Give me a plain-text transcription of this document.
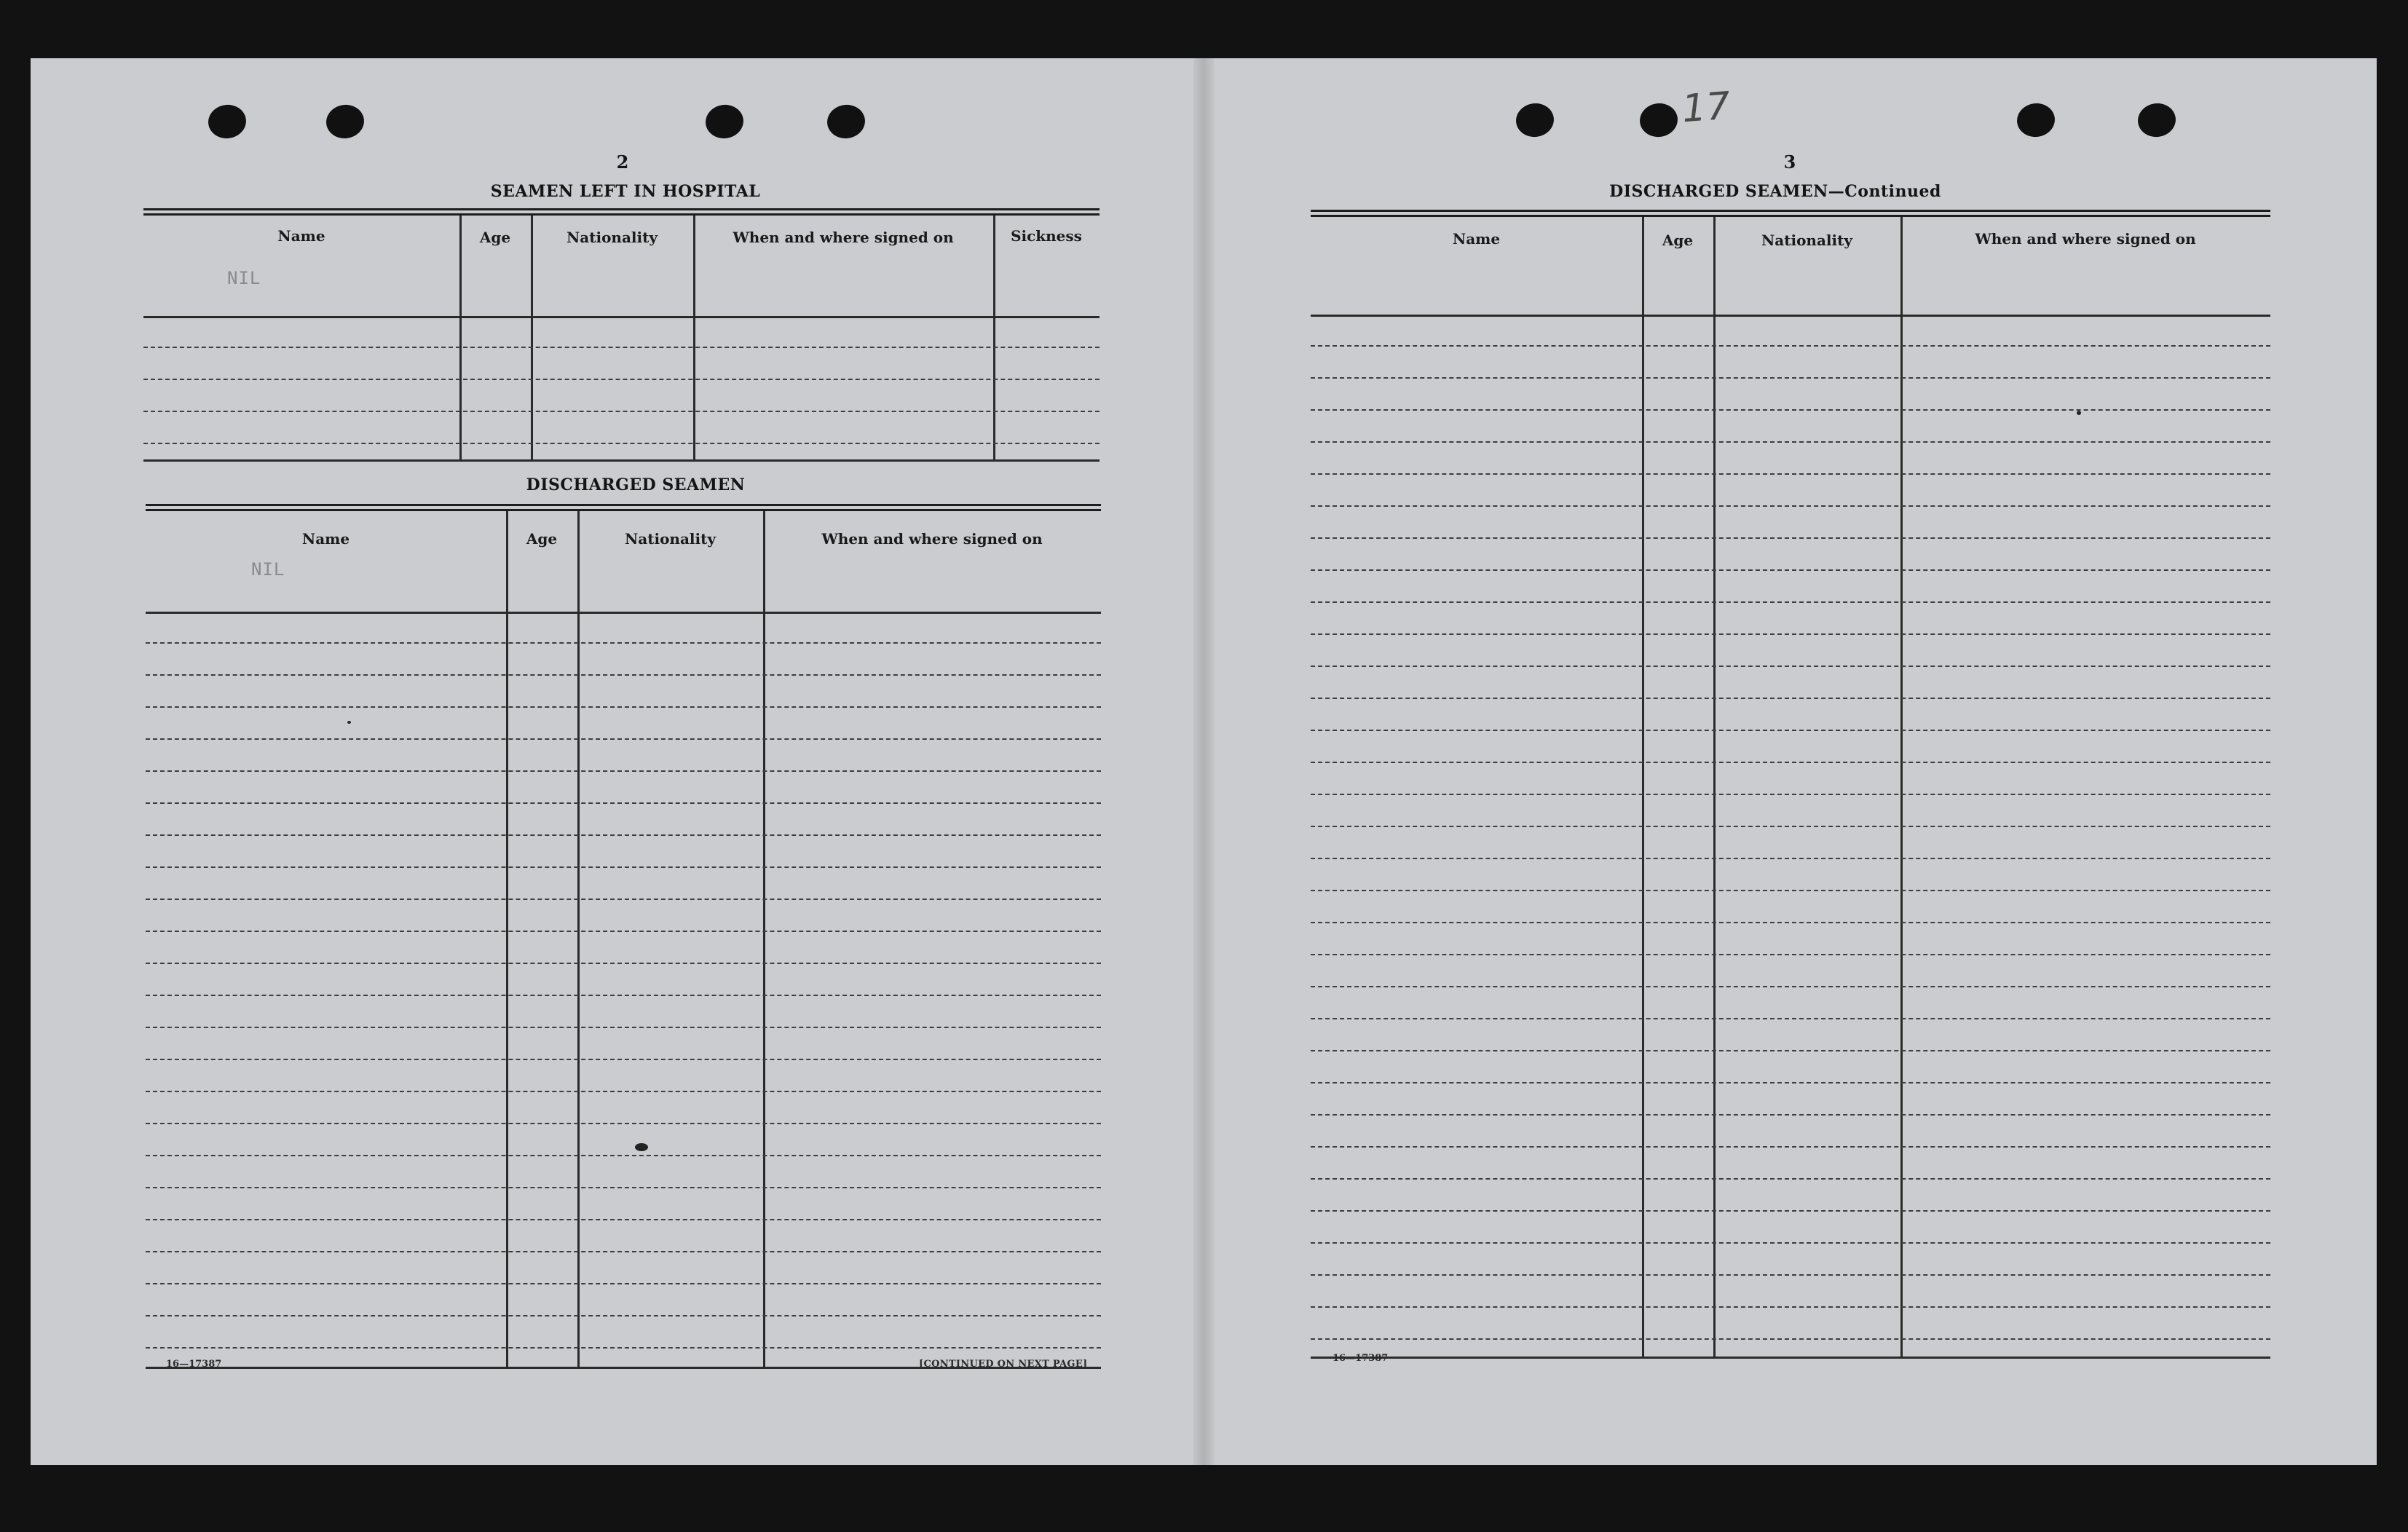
17
2
SEAMEN LEFT IN HOSPITAL
Name	Age	Nationality	When and where signed on	Sickness
NIL
DISCHARGED SEAMEN
Name	Age	Nationality	When and where signed on
NIL
16—17387	[CONTINUED ON NEXT PAGE]
3
DISCHARGED SEAMEN—Continued
Name	Age	Nationality	When and where signed on
16—17387
